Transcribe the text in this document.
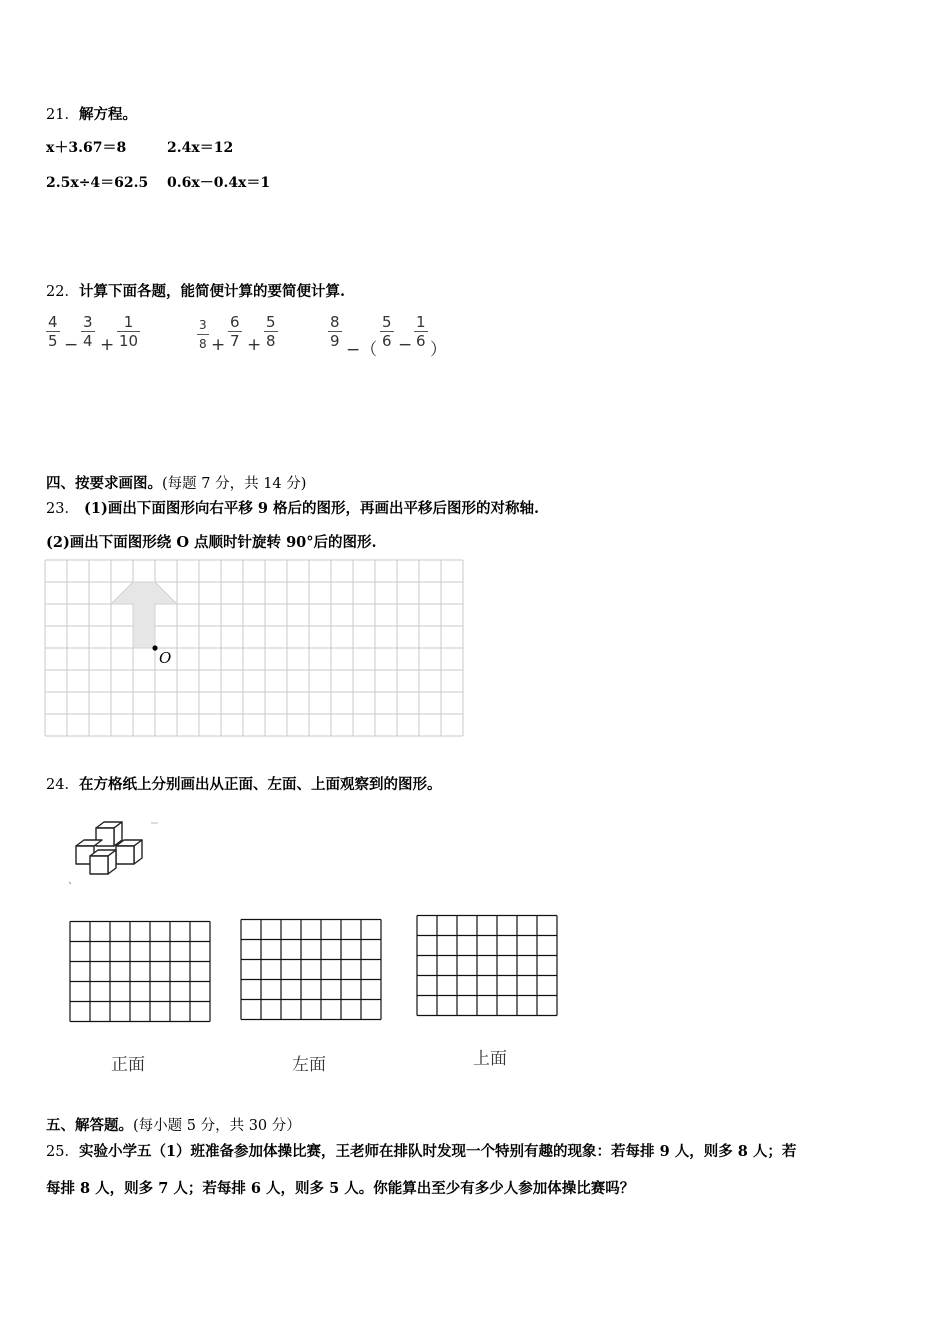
21．解方程。
x＋3.67＝8	2.4x＝12
2.5x÷4＝62.5 0.6x－0.4x＝1
22．计算下面各题，能简便计算的要简便计算.
$\frac{4}{5} - \frac{3}{4} + \frac{1}{10}$	$\frac{3}{8} + \frac{6}{7} + \frac{5}{8}$	$\frac{8}{9}$ −（ $\frac{5}{6} - \frac{1}{6}$ ）
四、按要求画图。(每题 7 分，共 14 分)
23． (1)画出下面图形向右平移 9 格后的图形，再画出平移后图形的对称轴.
(2)画出下面图形绕 O 点顺时针旋转 90°后的图形.
O
24．在方格纸上分别画出从正面、左面、上面观察到的图形。
正面	左面	上面
五、解答题。(每小题 5 分，共 30 分）
25．实验小学五（1）班准备参加体操比赛，王老师在排队时发现一个特别有趣的现象：若每排 9 人，则多 8 人；若
每排 8 人，则多 7 人；若每排 6 人，则多 5 人。你能算出至少有多少人参加体操比赛吗？
